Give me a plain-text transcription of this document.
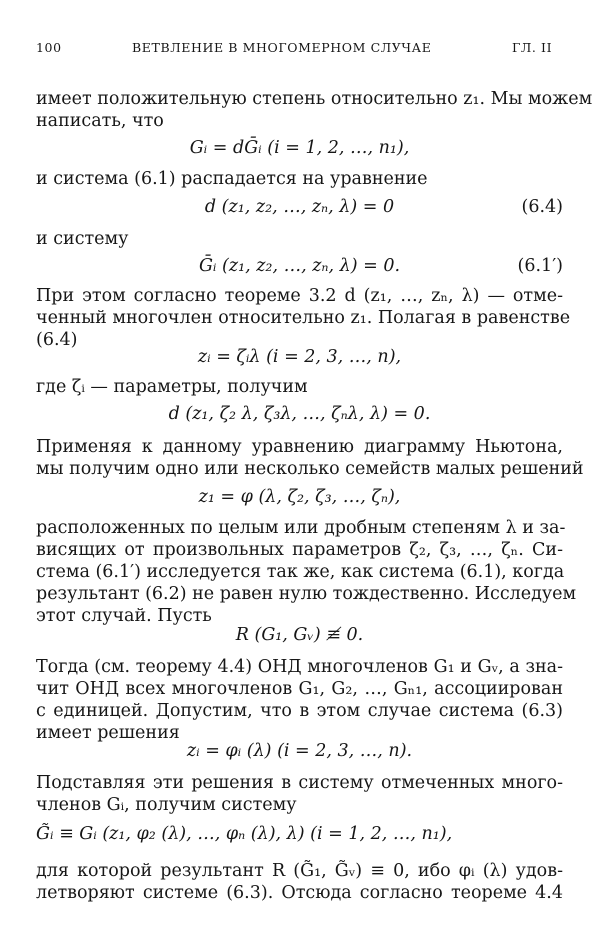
100	ВЕТВЛЕНИЕ В МНОГОМЕРНОМ СЛУЧАЕ	ГЛ. II
имеет положительную степень относительно z₁. Мы можем
написать, что
Gᵢ = dḠᵢ (i = 1, 2, …, n₁),
и система (6.1) распадается на уравнение
d (z₁, z₂, …, zₙ, λ) = 0	(6.4)
и систему
Ḡᵢ (z₁, z₂, …, zₙ, λ) = 0.	(6.1′)
При этом согласно теореме 3.2 d (z₁, …, zₙ, λ) — отме-
ченный многочлен относительно z₁. Полагая в равенстве
(6.4)
zᵢ = ζᵢλ (i = 2, 3, …, n),
где ζᵢ — параметры, получим
d (z₁, ζ₂ λ, ζ₃λ, …, ζₙλ, λ) = 0.
Применяя к данному уравнению диаграмму Ньютона,
мы получим одно или несколько семейств малых решений
z₁ = φ (λ, ζ₂, ζ₃, …, ζₙ),
расположенных по целым или дробным степеням λ и за-
висящих от произвольных параметров ζ₂, ζ₃, …, ζₙ. Си-
стема (6.1′) исследуется так же, как система (6.1), когда
результант (6.2) не равен нулю тождественно. Исследуем
этот случай. Пусть
R (G₁, Gᵥ) ≢ 0.
Тогда (см. теорему 4.4) ОНД многочленов G₁ и Gᵥ, а зна-
чит ОНД всех многочленов G₁, G₂, …, Gₙ₁, ассоциирован
с единицей. Допустим, что в этом случае система (6.3)
имеет решения
zᵢ = φᵢ (λ) (i = 2, 3, …, n).
Подставляя эти решения в систему отмеченных много-
членов Gᵢ, получим систему
G̃ᵢ ≡ Gᵢ (z₁, φ₂ (λ), …, φₙ (λ), λ) (i = 1, 2, …, n₁),
для которой результант R (G̃₁, G̃ᵥ) ≡ 0, ибо φᵢ (λ) удов-
летворяют системе (6.3). Отсюда согласно теореме 4.4
